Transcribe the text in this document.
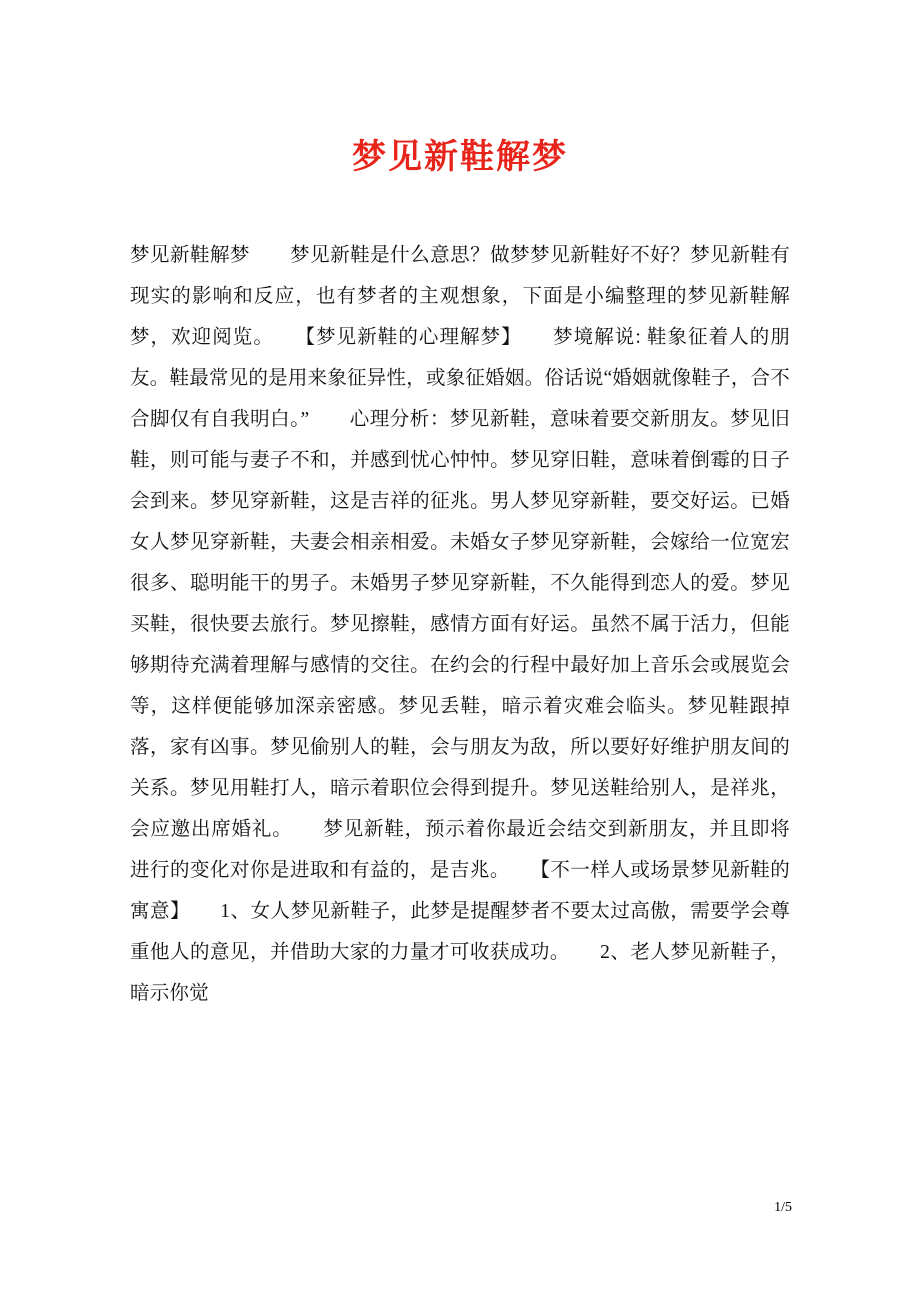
梦见新鞋解梦

梦见新鞋解梦　　梦见新鞋是什么意思？做梦梦见新鞋好不好？梦见新鞋有现实的影响和反应，也有梦者的主观想象，下面是小编整理的梦见新鞋解梦，欢迎阅览。　　【梦见新鞋的心理解梦】　　梦境解说: 鞋象征着人的朋友。鞋最常见的是用来象征异性，或象征婚姻。俗话说“婚姻就像鞋子，合不合脚仅有自我明白。”　　心理分析：梦见新鞋，意味着要交新朋友。梦见旧鞋，则可能与妻子不和，并感到忧心忡忡。梦见穿旧鞋，意味着倒霉的日子会到来。梦见穿新鞋，这是吉祥的征兆。男人梦见穿新鞋，要交好运。已婚女人梦见穿新鞋，夫妻会相亲相爱。未婚女子梦见穿新鞋，会嫁给一位宽宏很多、聪明能干的男子。未婚男子梦见穿新鞋，不久能得到恋人的爱。梦见买鞋，很快要去旅行。梦见擦鞋，感情方面有好运。虽然不属于活力，但能够期待充满着理解与感情的交往。在约会的行程中最好加上音乐会或展览会等，这样便能够加深亲密感。梦见丢鞋，暗示着灾难会临头。梦见鞋跟掉落，家有凶事。梦见偷别人的鞋，会与朋友为敌，所以要好好维护朋友间的关系。梦见用鞋打人，暗示着职位会得到提升。梦见送鞋给别人，是祥兆，会应邀出席婚礼。　　梦见新鞋，预示着你最近会结交到新朋友，并且即将进行的变化对你是进取和有益的，是吉兆。　　【不一样人或场景梦见新鞋的寓意】　　1、女人梦见新鞋子，此梦是提醒梦者不要太过高傲，需要学会尊重他人的意见，并借助大家的力量才可收获成功。　　2、老人梦见新鞋子，暗示你觉

1/5
